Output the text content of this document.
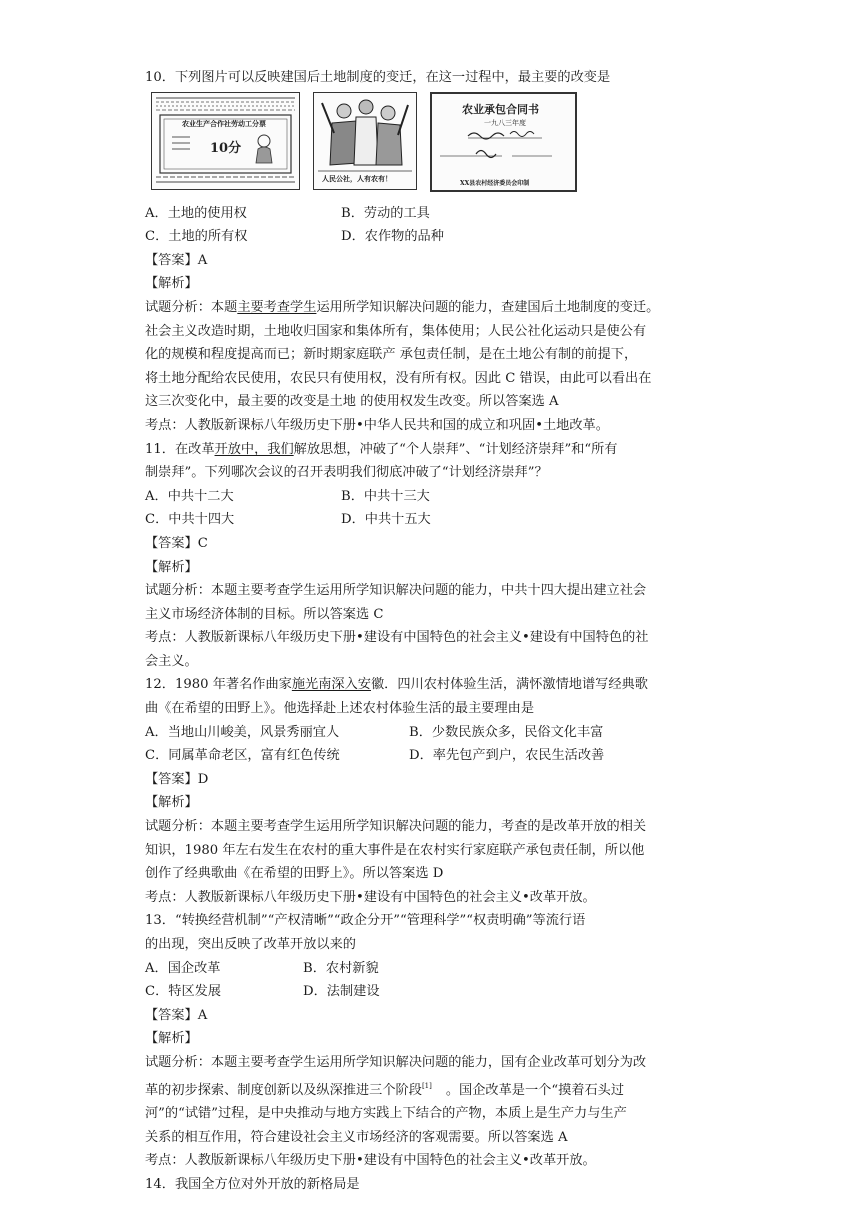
10．下列图片可以反映建国后土地制度的变迁，在这一过程中，最主要的改变是
农业生产合作社劳动工分票
10分
人民公社，人有农有！
农业承包合同书
一九八三年度
XX县农村经济委员会印制
A．土地的使用权	B．劳动的工具
C．土地的所有权	D．农作物的品种
【答案】A
【解析】
试题分析：本题主要考查学生运用所学知识解决问题的能力，查建国后土地制度的变迁。
社会主义改造时期，土地收归国家和集体所有，集体使用；人民公社化运动只是使公有
化的规模和程度提高而已；新时期家庭联产 承包责任制，是在土地公有制的前提下，
将土地分配给农民使用，农民只有使用权，没有所有权。因此 C 错误，由此可以看出在
这三次变化中，最主要的改变是土地 的使用权发生改变。所以答案选 A
考点：人教版新课标八年级历史下册•中华人民共和国的成立和巩固•土地改革。
11．在改革开放中，我们解放思想，冲破了“个人崇拜”、“计划经济崇拜”和“所有
制崇拜”。下列哪次会议的召开表明我们彻底冲破了“计划经济崇拜”？
A．中共十二大	B．中共十三大
C．中共十四大	D．中共十五大
【答案】C
【解析】
试题分析：本题主要考查学生运用所学知识解决问题的能力，中共十四大提出建立社会
主义市场经济体制的目标。所以答案选 C
考点：人教版新课标八年级历史下册•建设有中国特色的社会主义•建设有中国特色的社
会主义。
12．1980 年著名作曲家施光南深入安徽．四川农村体验生活，满怀激情地谱写经典歌
曲《在希望的田野上》。他选择赴上述农村体验生活的最主要理由是
A．当地山川峻美，风景秀丽宜人	B．少数民族众多，民俗文化丰富
C．同属革命老区，富有红色传统	D．率先包产到户，农民生活改善
【答案】D
【解析】
试题分析：本题主要考查学生运用所学知识解决问题的能力，考查的是改革开放的相关
知识，1980 年左右发生在农村的重大事件是在农村实行家庭联产承包责任制，所以他
创作了经典歌曲《在希望的田野上》。所以答案选 D
考点：人教版新课标八年级历史下册•建设有中国特色的社会主义•改革开放。
13．“转换经营机制”“产权清晰”“政企分开”“管理科学”“权责明确”等流行语
的出现，突出反映了改革开放以来的
A．国企改革	B．农村新貌
C．特区发展	D．法制建设
【答案】A
【解析】
试题分析：本题主要考查学生运用所学知识解决问题的能力，国有企业改革可划分为改
革的初步探索、制度创新以及纵深推进三个阶段[1] 。国企改革是一个“摸着石头过
河”的“试错”过程，是中央推动与地方实践上下结合的产物，本质上是生产力与生产
关系的相互作用，符合建设社会主义市场经济的客观需要。所以答案选 A
考点：人教版新课标八年级历史下册•建设有中国特色的社会主义•改革开放。
14．我国全方位对外开放的新格局是
